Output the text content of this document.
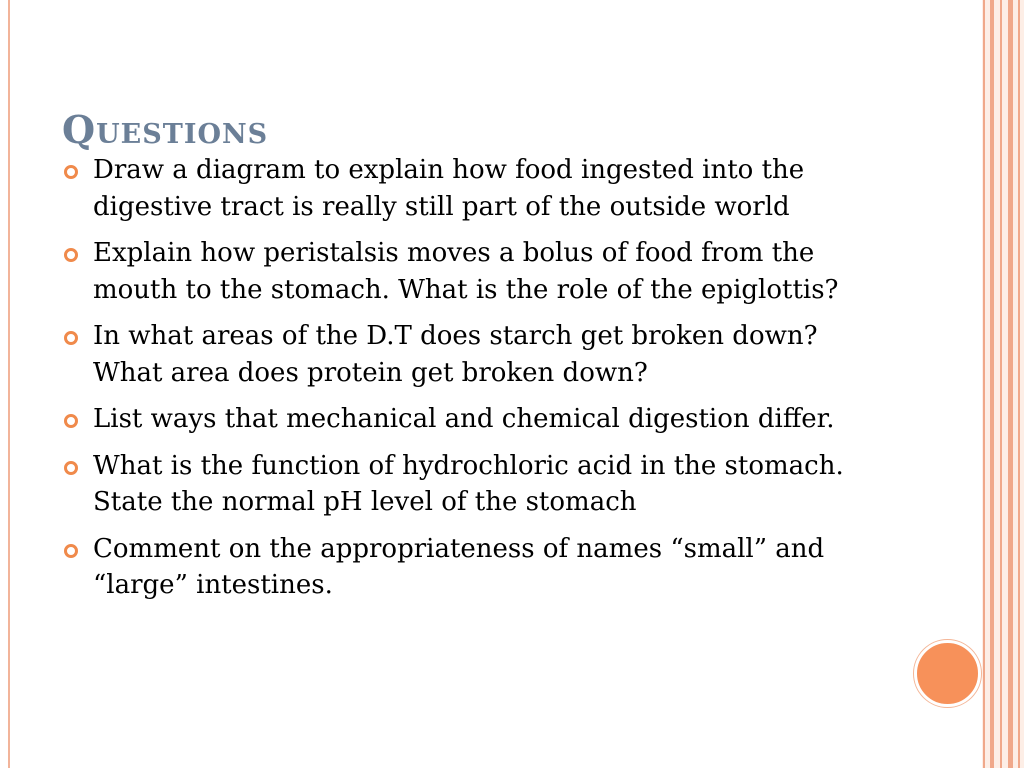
Questions
Draw a diagram to explain how food ingested into the digestive tract is really still part of the outside world
Explain how peristalsis moves a bolus of food from the mouth to the stomach. What is the role of the epiglottis?
In what areas of the D.T does starch get broken down? What area does protein get broken down?
List ways that mechanical and chemical digestion differ.
What is the function of hydrochloric acid in the stomach. State the normal pH level of the stomach
Comment on the appropriateness of names “small” and “large” intestines.
